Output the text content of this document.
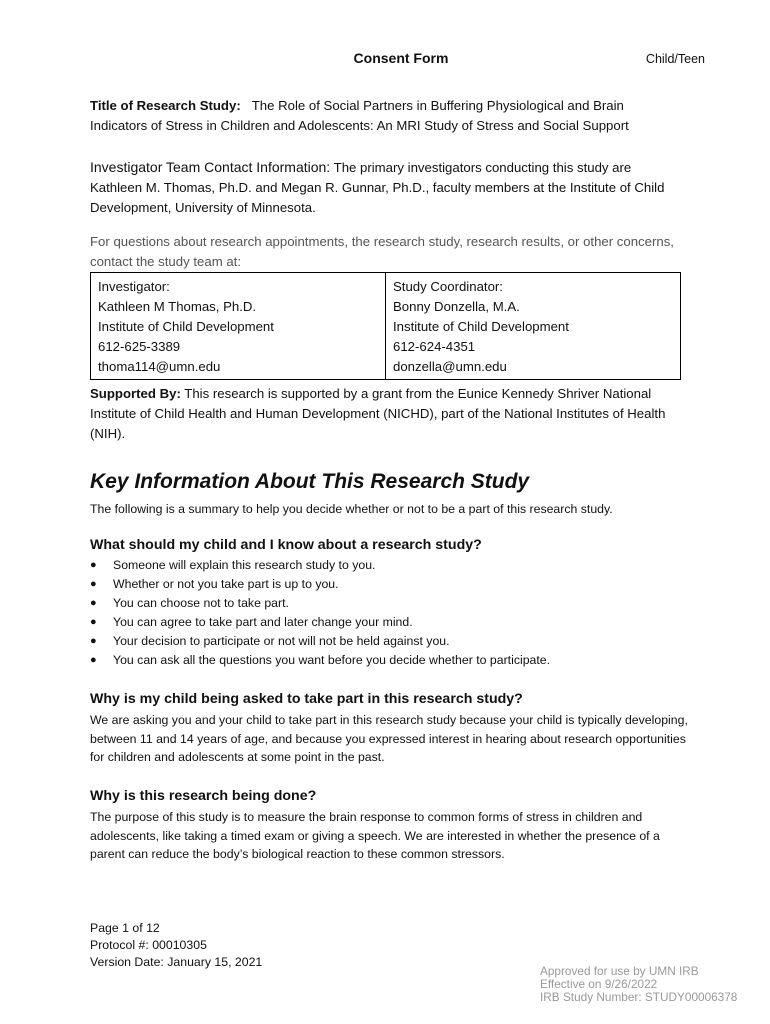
Consent Form	Child/Teen
Title of Research Study: The Role of Social Partners in Buffering Physiological and Brain
Indicators of Stress in Children and Adolescents: An MRI Study of Stress and Social Support
Investigator Team Contact Information: The primary investigators conducting this study are
Kathleen M. Thomas, Ph.D. and Megan R. Gunnar, Ph.D., faculty members at the Institute of Child
Development, University of Minnesota.
For questions about research appointments, the research study, research results, or other concerns,
contact the study team at:
Investigator:
Kathleen M Thomas, Ph.D.
Institute of Child Development
612-625-3389
thoma114@umn.edu

Study Coordinator:
Bonny Donzella, M.A.
Institute of Child Development
612-624-4351
donzella@umn.edu
Supported By: This research is supported by a grant from the Eunice Kennedy Shriver National
Institute of Child Health and Human Development (NICHD), part of the National Institutes of Health
(NIH).
Key Information About This Research Study
The following is a summary to help you decide whether or not to be a part of this research study.
What should my child and I know about a research study?
● Someone will explain this research study to you.
● Whether or not you take part is up to you.
● You can choose not to take part.
● You can agree to take part and later change your mind.
● Your decision to participate or not will not be held against you.
● You can ask all the questions you want before you decide whether to participate.
Why is my child being asked to take part in this research study?
We are asking you and your child to take part in this research study because your child is typically developing,
between 11 and 14 years of age, and because you expressed interest in hearing about research opportunities
for children and adolescents at some point in the past.
Why is this research being done?
The purpose of this study is to measure the brain response to common forms of stress in children and
adolescents, like taking a timed exam or giving a speech. We are interested in whether the presence of a
parent can reduce the body’s biological reaction to these common stressors.
Page 1 of 12
Protocol #: 00010305
Version Date: January 15, 2021
Approved for use by UMN IRB
Effective on 9/26/2022
IRB Study Number: STUDY00006378
